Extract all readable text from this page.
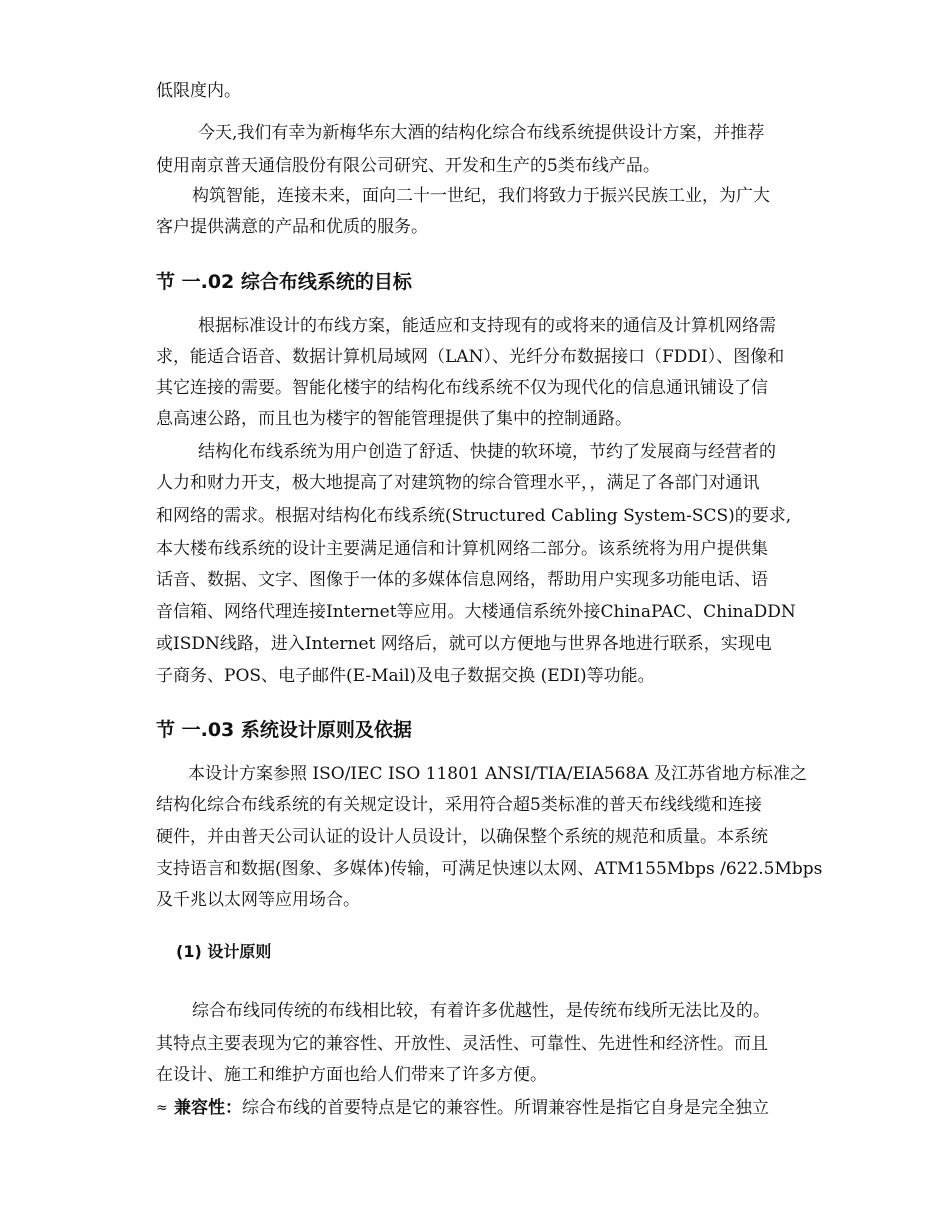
低限度内。
今天,我们有幸为新梅华东大酒的结构化综合布线系统提供设计方案，并推荐
使用南京普天通信股份有限公司研究、开发和生产的5类布线产品。
构筑智能，连接未来，面向二十一世纪，我们将致力于振兴民族工业，为广大
客户提供满意的产品和优质的服务。
节 一.02 综合布线系统的目标
根据标准设计的布线方案，能适应和支持现有的或将来的通信及计算机网络需
求，能适合语音、数据计算机局域网（LAN）、光纤分布数据接口（FDDI）、图像和
其它连接的需要。智能化楼宇的结构化布线系统不仅为现代化的信息通讯铺设了信
息高速公路，而且也为楼宇的智能管理提供了集中的控制通路。
结构化布线系统为用户创造了舒适、快捷的软环境，节约了发展商与经营者的
人力和财力开支，极大地提高了对建筑物的综合管理水平，，满足了各部门对通讯
和网络的需求。根据对结构化布线系统(Structured Cabling System-SCS)的要求,
本大楼布线系统的设计主要满足通信和计算机网络二部分。该系统将为用户提供集
话音、数据、文字、图像于一体的多媒体信息网络，帮助用户实现多功能电话、语
音信箱、网络代理连接Internet等应用。大楼通信系统外接ChinaPAC、ChinaDDN
或ISDN线路，进入Internet 网络后，就可以方便地与世界各地进行联系，实现电
子商务、POS、电子邮件(E-Mail)及电子数据交换 (EDI)等功能。
节 一.03 系统设计原则及依据
本设计方案参照 ISO/IEC ISO 11801 ANSI/TIA/EIA568A 及江苏省地方标准之
结构化综合布线系统的有关规定设计，采用符合超5类标准的普天布线线缆和连接
硬件，并由普天公司认证的设计人员设计，以确保整个系统的规范和质量。本系统
支持语言和数据(图象、多媒体)传输，可满足快速以太网、ATM155Mbps /622.5Mbps
及千兆以太网等应用场合。
(1) 设计原则
综合布线同传统的布线相比较，有着许多优越性，是传统布线所无法比及的。
其特点主要表现为它的兼容性、开放性、灵活性、可靠性、先进性和经济性。而且
在设计、施工和维护方面也给人们带来了许多方便。
≈ 兼容性：综合布线的首要特点是它的兼容性。所谓兼容性是指它自身是完全独立
